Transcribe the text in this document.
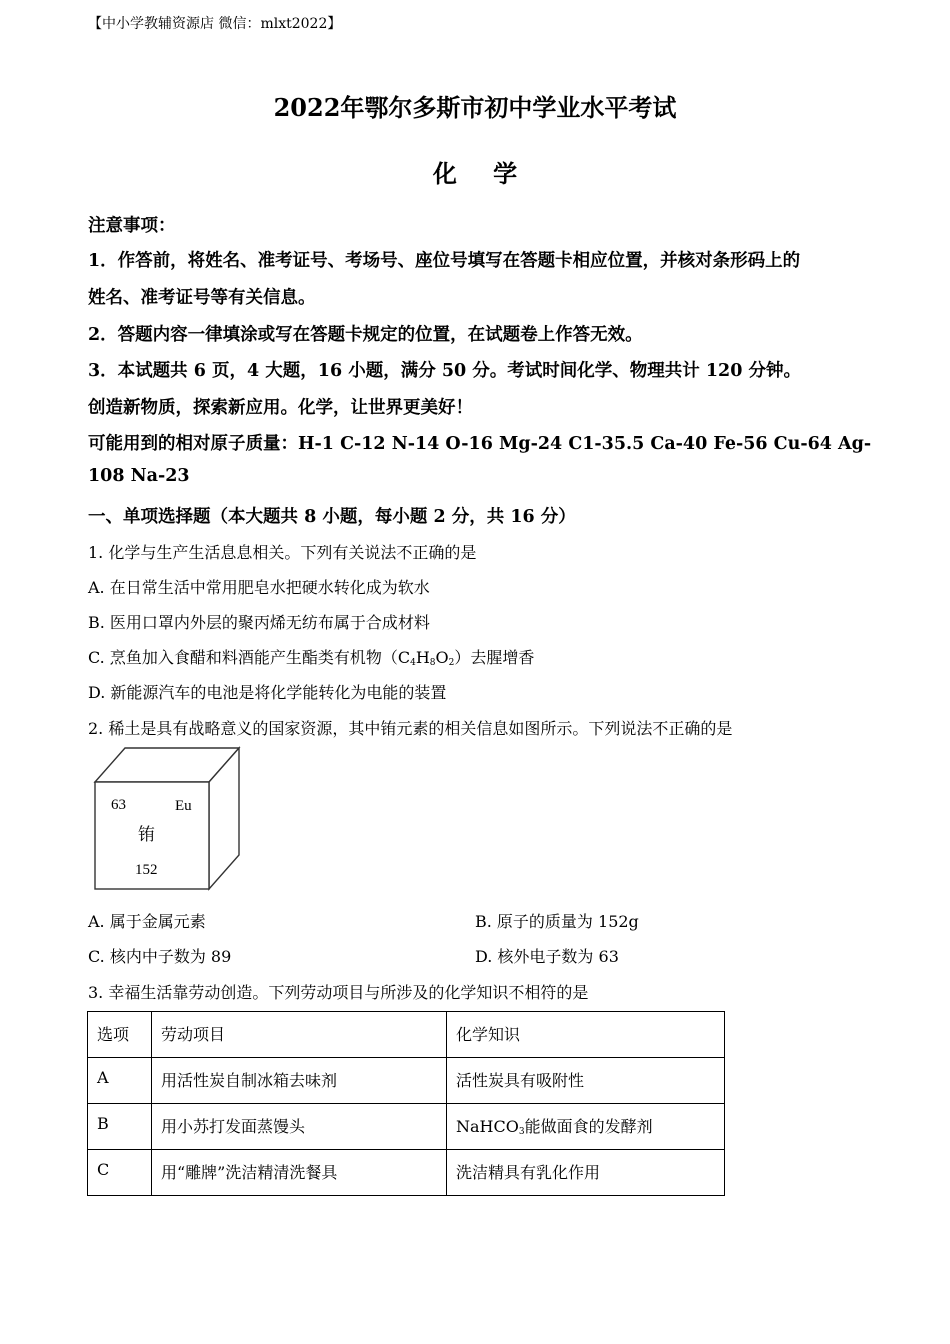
【中小学教辅资源店 微信：mlxt2022】
2022年鄂尔多斯市初中学业水平考试
化 学
注意事项：
1．作答前，将姓名、准考证号、考场号、座位号填写在答题卡相应位置，并核对条形码上的
姓名、准考证号等有关信息。
2．答题内容一律填涂或写在答题卡规定的位置，在试题卷上作答无效。
3．本试题共 6 页，4 大题，16 小题，满分 50 分。考试时间化学、物理共计 120 分钟。
创造新物质，探索新应用。化学，让世界更美好！
可能用到的相对原子质量：H-1 C-12 N-14 O-16 Mg-24 C1-35.5 Ca-40 Fe-56 Cu-64 Ag-
108 Na-23
一、单项选择题（本大题共 8 小题，每小题 2 分，共 16 分）
1. 化学与生产生活息息相关。下列有关说法不正确的是
A. 在日常生活中常用肥皂水把硬水转化成为软水
B. 医用口罩内外层的聚丙烯无纺布属于合成材料
C. 烹鱼加入食醋和料酒能产生酯类有机物$(C_4H_8O_2)$去腥增香
D. 新能源汽车的电池是将化学能转化为电能的装置
2. 稀土是具有战略意义的国家资源，其中铕元素的相关信息如图所示。下列说法不正确的是
63	Eu
铕
152
A. 属于金属元素	B. 原子的质量为 152g
C. 核内中子数为 89	D. 核外电子数为 63
3. 幸福生活靠劳动创造。下列劳动项目与所涉及的化学知识不相符的是
选项	劳动项目	化学知识
A	用活性炭自制冰箱去味剂	活性炭具有吸附性
B	用小苏打发面蒸馒头	NaHCO$_3$能做面食的发酵剂
C	用“雕牌”洗洁精清洗餐具	洗洁精具有乳化作用
